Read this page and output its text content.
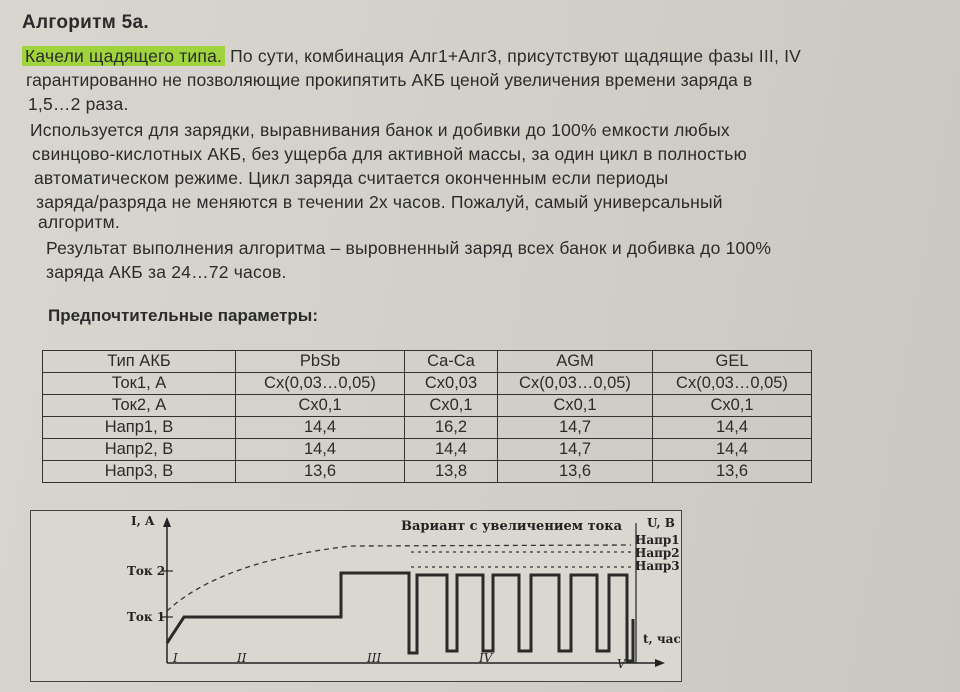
Алгоритм 5а.
Качели щадящего типа. По сути, комбинация Алг1+Алг3, присутствуют щадящие фазы III, IV
гарантированно не позволяющие прокипятить АКБ ценой увеличения времени заряда в
1,5…2 раза.
Используется для зарядки, выравнивания банок и добивки до 100% емкости любых
свинцово-кислотных АКБ, без ущерба для активной массы, за один цикл в полностью
автоматическом режиме. Цикл заряда считается оконченным если периоды
заряда/разряда не меняются в течении 2х часов. Пожалуй, самый универсальный
алгоритм.
Результат выполнения алгоритма – выровненный заряд всех банок и добивка до 100%
заряда АКБ за 24…72 часов.
Предпочтительные параметры:
Тип АКБ	PbSb	Ca-Ca	AGM	GEL
Ток1, А	Сх(0,03…0,05)	Сх0,03	Сх(0,03…0,05)	Сх(0,03…0,05)
Ток2, А	Сх0,1	Сх0,1	Сх0,1	Сх0,1
Напр1, В	14,4	16,2	14,7	14,4
Напр2, В	14,4	14,4	14,7	14,4
Напр3, В	13,6	13,8	13,6	13,6
I, A	U, B
Вариант с увеличением тока
Ток 2
Ток 1
Напр1
Напр2
Напр3
t, час
I	II	III	IV	V
